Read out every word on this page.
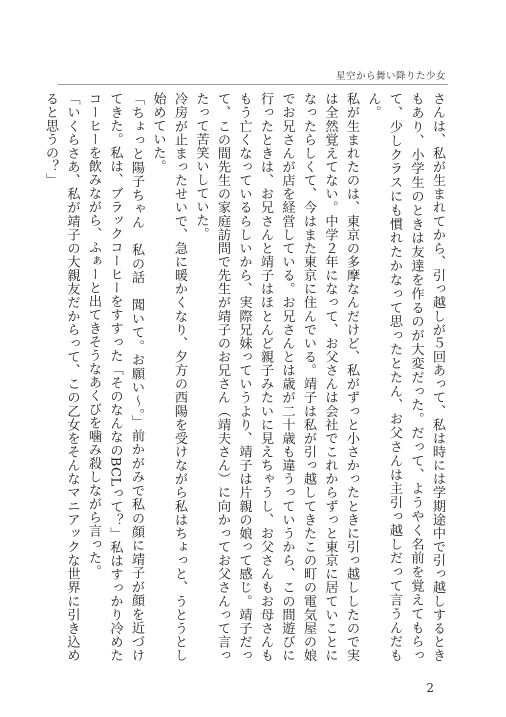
星空から舞い降りた少女

さんは、私が生まれてから、引っ越しが５回あって、私は時には学期途中で引っ越しするときもあり、小学生のときは友達を作るのが大変だった。だって、ようやく名前を覚えてもらって、少しクラスにも慣れたかなって思ったとたん、お父さんは主引っ越しだって言うんだもん。

私が生まれたのは、東京の多摩なんだけど、私がずっと小さかったときに引っ越ししたので実は全然覚えてない。中学２年になって、お父さんは会社でこれからずっと東京に居ていことになったらしくて、今はまた東京に住んでいる。靖子は私が引っ越してきたこの町の電気屋の娘でお兄さんが店を経営している。お兄さんとは歳が二十歳も違うっていうから、この間遊びに行ったときは、お兄さんと靖子はほとんど親子みたいに見えちゃうし、お父さんもお母さんももう亡くなっているらしいから、実際兄妹っていうより、靖子は片親の娘って感じ。靖子だって、この間先生の家庭訪問で先生が靖子のお兄さん（靖夫さん）に向かってお父さんって言ったって苦笑いしていた。

冷房が止まったせいで、急に暖かくなり、夕方の西陽を受けながら私はちょっと、うとうとし始めていた。

「ちょっと陽子ちゃん　私の話　聞いて。お願い～。」前かがみで私の顔に靖子が顔を近づけてきた。私は、ブラックコーヒーをすすった「そのなんなのBCLって？」私はすっかり冷めたコーヒーを飲みながら、ふぁーと出てきそうなあくびを噛み殺しながら言った。

「いくらさあ、私が靖子の大親友だからって、この乙女をそんなマニアックな世界に引き込めると思うの？」

2
